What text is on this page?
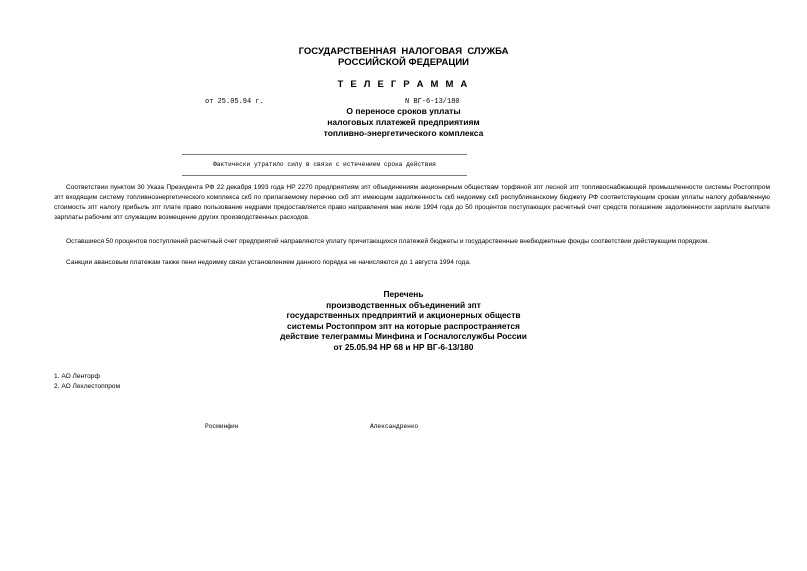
ГОСУДАРСТВЕННАЯ  НАЛОГОВАЯ  СЛУЖБА
РОССИЙСКОЙ ФЕДЕРАЦИИ
Т Е Л Е Г Р А М М А
от 25.05.94 г.	N ВГ-6-13/180
О переносе сроков уплаты
налоговых платежей предприятиям
топливно-энергетического комплекса
Фактически утратило силу в связи с истечением срока действия
Соответствии пунктом 30 Указа Президента РФ 22 декабря 1993 года НР 2270 предприятиям зпт объединениям акционерным обществам торфяной зпт лесной зпт топливоснабжающей промышленности системы Ростоппром зпт входящим систему топливноэнергетического комплекса скб по прилагаемому перечню скб зпт имеющим задолженность скб недоимку скб республиканскому бюджету РФ соответствующим срокам уплаты налогу добавленную стоимость зпт налогу прибыль зпт плате право пользование недрами предоставляется право направления мае июле 1994 года до 50 процентов поступающих расчетный счет средств погашение задолженности зарплате выплате зарплаты рабочим зпт служащим возмещение других производственных расходов.
Оставшиеся 50 процентов поступлений расчетный счет предприятий направляются уплату причитающихся платежей бюджеты и государственные внебюджетные фонды соответствии действующим порядком.
Санкции авансовым платежам также пени недоимку связи установлением данного порядка не начисляются до 1 августа 1994 года.
Перечень
производственных объединений зпт
государственных предприятий и акционерных обществ
системы Ростоппром зпт на которые распространяется
действие телеграммы Минфина и Госналогслужбы России
от 25.05.94 НР 68 и НР ВГ-6-13/180
1. АО Ленторф
2. АО Лехлестоппром
Росминфин	Александренко
